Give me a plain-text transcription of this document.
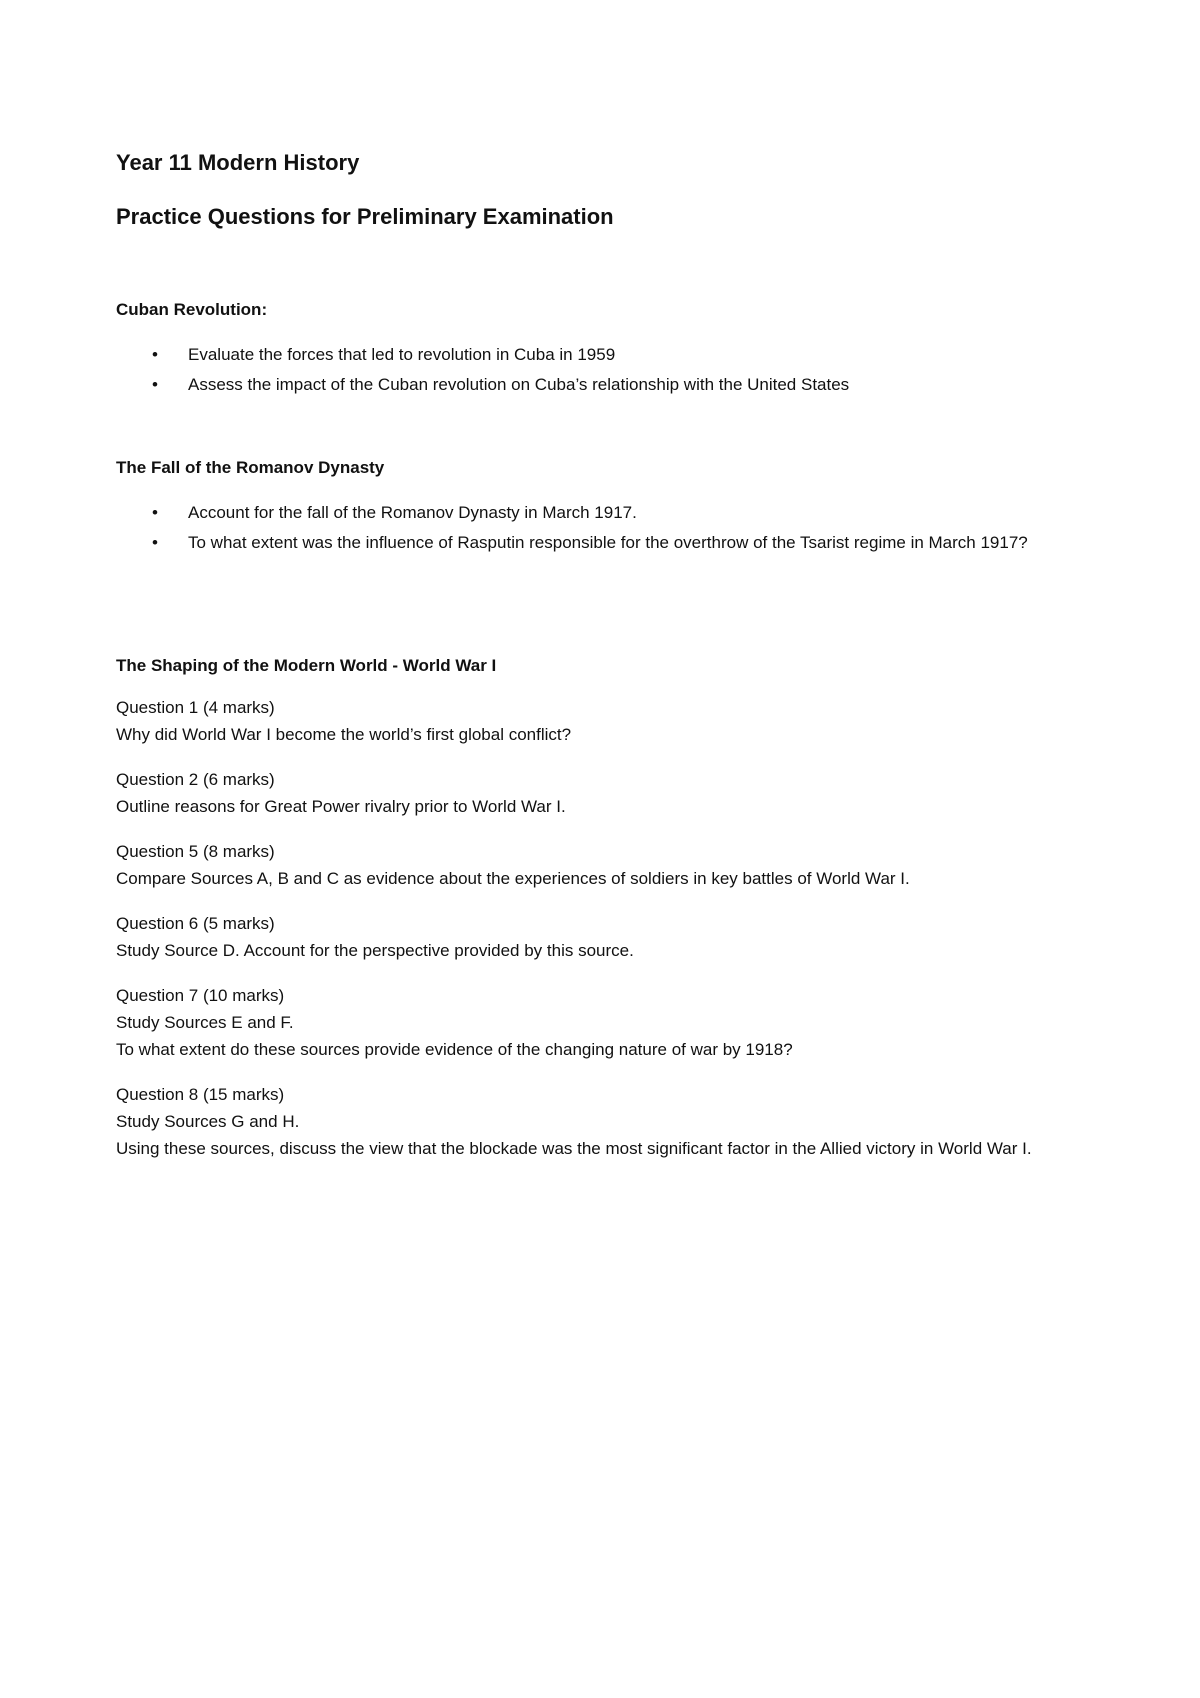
Year 11 Modern History
Practice Questions for Preliminary Examination
Cuban Revolution:
• Evaluate the forces that led to revolution in Cuba in 1959
• Assess the impact of the Cuban revolution on Cuba’s relationship with the United States
The Fall of the Romanov Dynasty
• Account for the fall of the Romanov Dynasty in March 1917.
• To what extent was the influence of Rasputin responsible for the overthrow of the Tsarist regime in March 1917?
The Shaping of the Modern World - World War I
Question 1 (4 marks)
Why did World War I become the world’s first global conflict?
Question 2 (6 marks)
Outline reasons for Great Power rivalry prior to World War I.
Question 5 (8 marks)
Compare Sources A, B and C as evidence about the experiences of soldiers in key battles of World War I.
Question 6 (5 marks)
Study Source D. Account for the perspective provided by this source.
Question 7 (10 marks)
Study Sources E and F.
To what extent do these sources provide evidence of the changing nature of war by 1918?
Question 8 (15 marks)
Study Sources G and H.
Using these sources, discuss the view that the blockade was the most significant factor in the Allied victory in World War I.
